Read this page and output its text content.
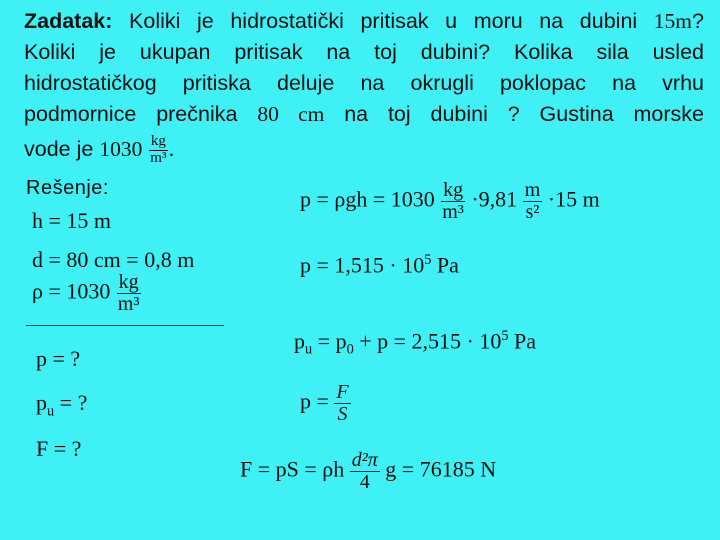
Zadatak: Koliki je hidrostatički pritisak u moru na dubini 15m?
Koliki je ukupan pritisak na toj dubini? Kolika sila usled
hidrostatičkog pritiska deluje na okrugli poklopac na vrhu
podmornice prečnika 80 cm na toj dubini ? Gustina morske
vode je $1030 \frac{kg}{\text{m³}}$ .
Rešenje:
h = 15 m
d = 80 cm = 0,8 m
$\rho = 1030 \frac{kg}{\text{m³}}$
p = ?
$p_u$ = ?
F = ?
$p = \rho gh = 1030 \frac{kg}{\text{m³}} \cdot 9,81 \frac{m}{\text{s²}} \cdot 15$ m
$p = 1,515 \cdot 10^5$ Pa
$p_u = p_0 + p = 2,515 \cdot 10^5$ Pa
$p = \frac{F}{S}$
F = pS = ρh $\frac{\text{d²π}}{4}$ g = 76185 N
